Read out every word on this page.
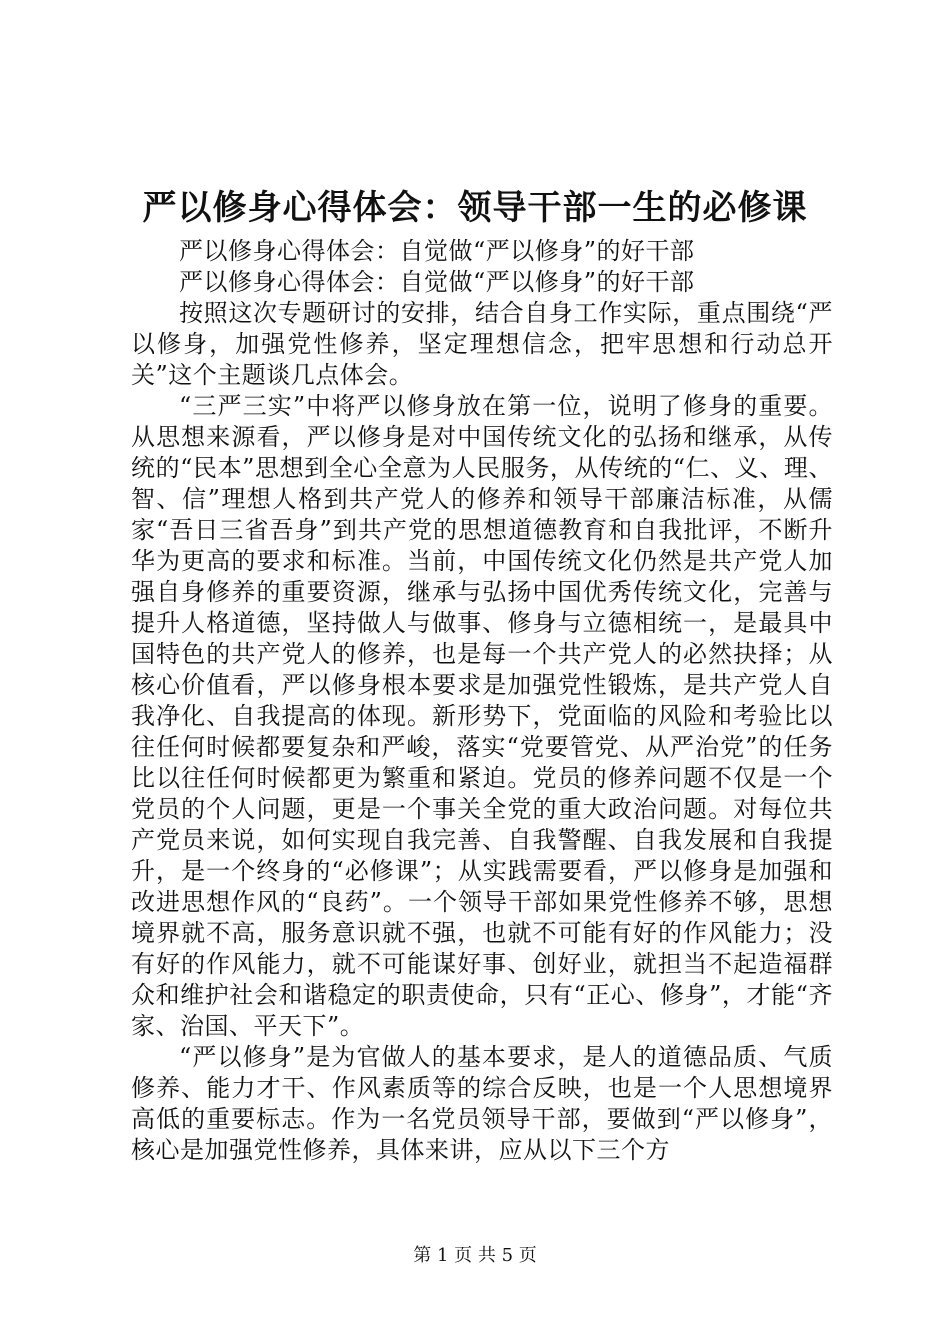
严以修身心得体会：领导干部一生的必修课

严以修身心得体会：自觉做“严以修身”的好干部

严以修身心得体会：自觉做“严以修身”的好干部

按照这次专题研讨的安排，结合自身工作实际，重点围绕“严以修身，加强党性修养，坚定理想信念，把牢思想和行动总开关”这个主题谈几点体会。

“三严三实”中将严以修身放在第一位，说明了修身的重要。从思想来源看，严以修身是对中国传统文化的弘扬和继承，从传统的“民本”思想到全心全意为人民服务，从传统的“仁、义、理、智、信”理想人格到共产党人的修养和领导干部廉洁标准，从儒家“吾日三省吾身”到共产党的思想道德教育和自我批评，不断升华为更高的要求和标准。当前，中国传统文化仍然是共产党人加强自身修养的重要资源，继承与弘扬中国优秀传统文化，完善与提升人格道德，坚持做人与做事、修身与立德相统一，是最具中国特色的共产党人的修养，也是每一个共产党人的必然抉择；从核心价值看，严以修身根本要求是加强党性锻炼，是共产党人自我净化、自我提高的体现。新形势下，党面临的风险和考验比以往任何时候都要复杂和严峻，落实“党要管党、从严治党”的任务比以往任何时候都更为繁重和紧迫。党员的修养问题不仅是一个党员的个人问题，更是一个事关全党的重大政治问题。对每位共产党员来说，如何实现自我完善、自我警醒、自我发展和自我提升，是一个终身的“必修课”；从实践需要看，严以修身是加强和改进思想作风的“良药”。一个领导干部如果党性修养不够，思想境界就不高，服务意识就不强，也就不可能有好的作风能力；没有好的作风能力，就不可能谋好事、创好业，就担当不起造福群众和维护社会和谐稳定的职责使命，只有“正心、修身”，才能“齐家、治国、平天下”。

“严以修身”是为官做人的基本要求，是人的道德品质、气质修养、能力才干、作风素质等的综合反映，也是一个人思想境界高低的重要标志。作为一名党员领导干部，要做到“严以修身”，核心是加强党性修养，具体来讲，应从以下三个方

第 1 页 共 5 页
